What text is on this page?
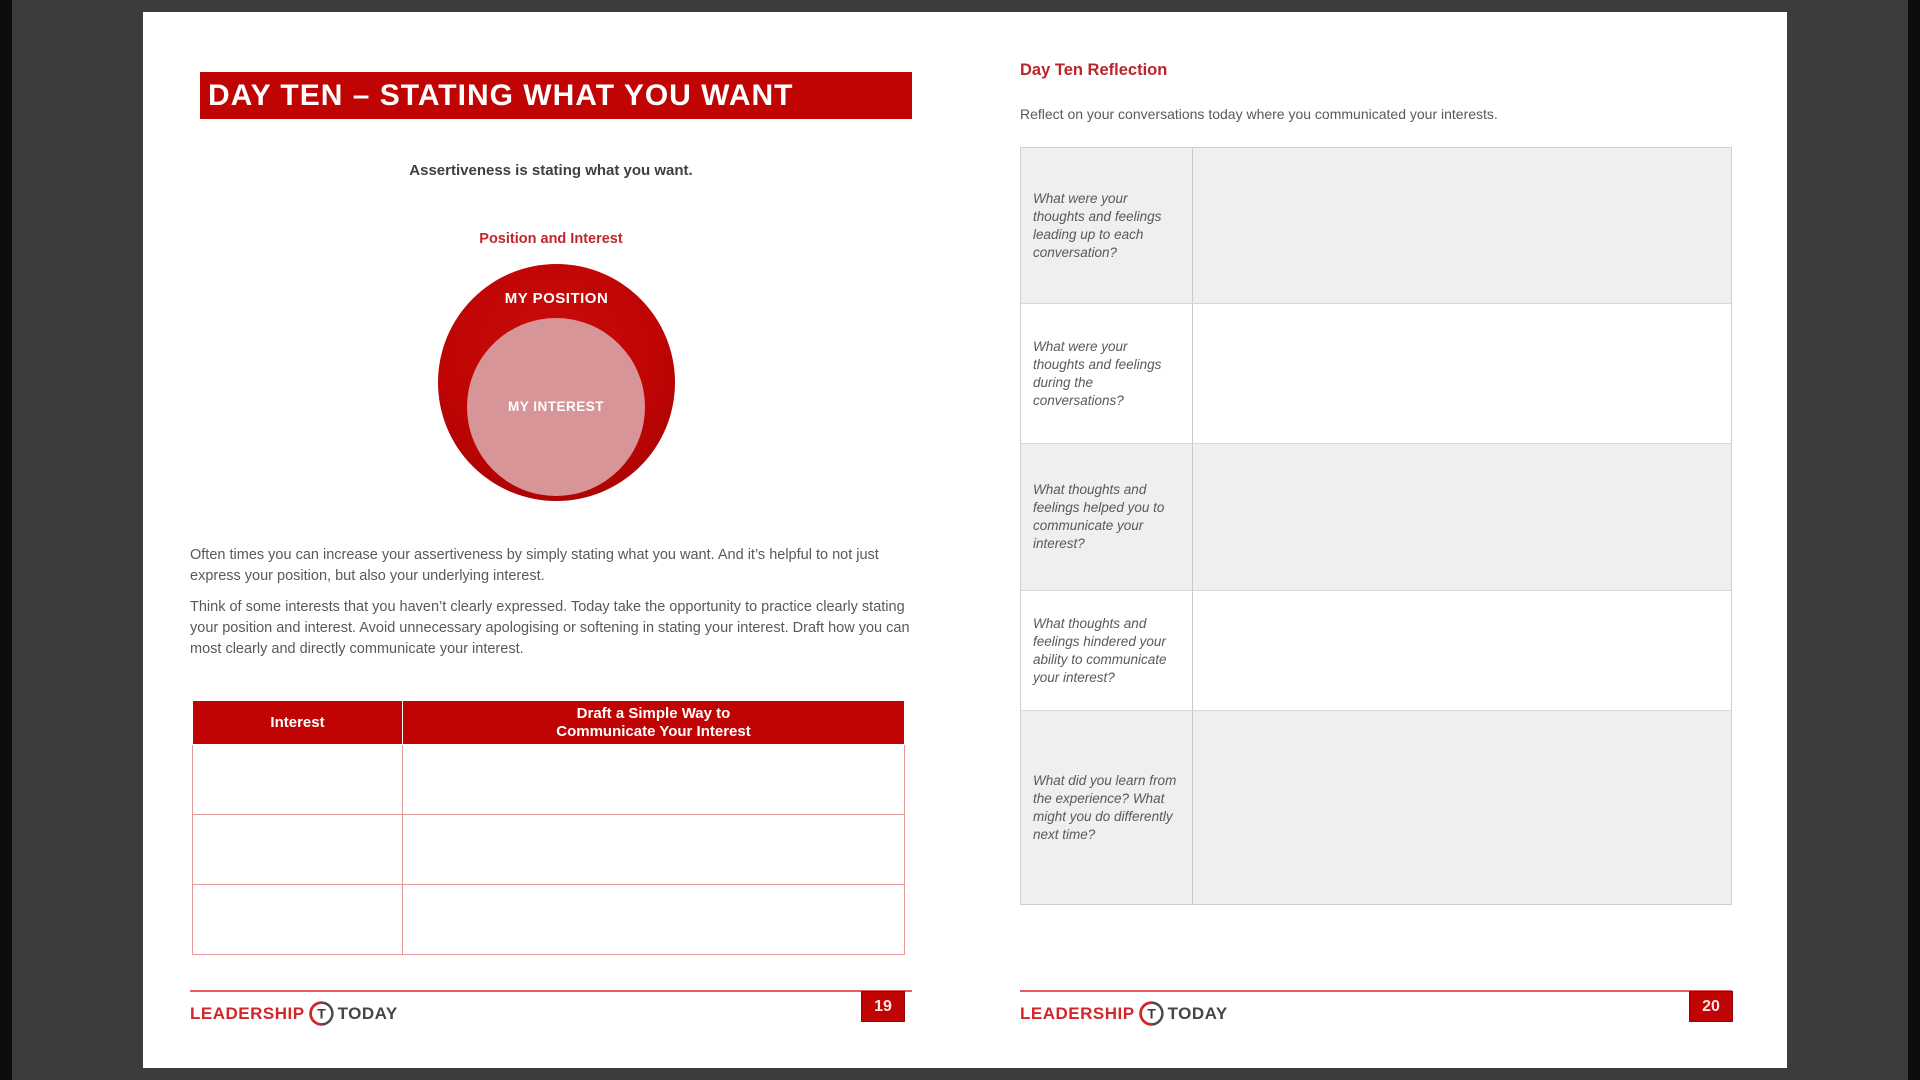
DAY TEN – STATING WHAT YOU WANT
Assertiveness is stating what you want.
Position and Interest
MY POSITION
MY INTEREST

Often times you can increase your assertiveness by simply stating what you want. And it’s helpful to not just express your position, but also your underlying interest.

Think of some interests that you haven’t clearly expressed. Today take the opportunity to practice clearly stating your position and interest. Avoid unnecessary apologising or softening in stating your interest. Draft how you can most clearly and directly communicate your interest.

Interest	Draft a Simple Way to Communicate Your Interest

LEADERSHIP T TODAY	19
Day Ten Reflection
Reflect on your conversations today where you communicated your interests.
What were your thoughts and feelings leading up to each conversation?
What were your thoughts and feelings during the conversations?
What thoughts and feelings helped you to communicate your interest?
What thoughts and feelings hindered your ability to communicate your interest?
What did you learn from the experience? What might you do differently next time?
LEADERSHIP T TODAY	20
